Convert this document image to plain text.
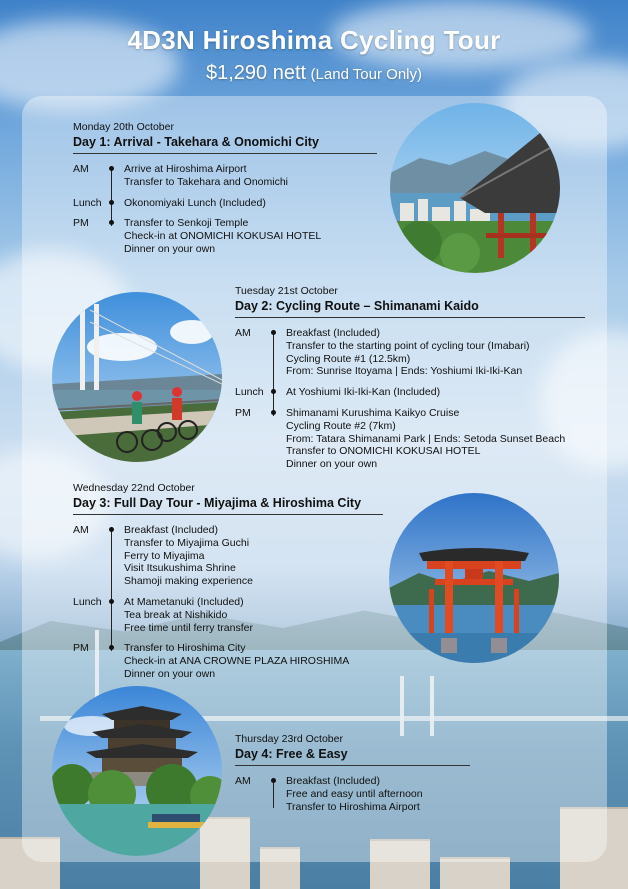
4D3N Hiroshima Cycling Tour
$1,290 nett (Land Tour Only)
Monday 20th October
Day 1: Arrival - Takehara & Onomichi City
AM	Arrive at Hiroshima Airport
Transfer to Takehara and Onomichi
Lunch	Okonomiyaki Lunch (Included)
PM	Transfer to Senkoji Temple
Check-in at ONOMICHI KOKUSAI HOTEL
Dinner on your own
Tuesday 21st October
Day 2: Cycling Route – Shimanami Kaido
AM	Breakfast (Included)
Transfer to the starting point of cycling tour (Imabari)
Cycling Route #1 (12.5km)
From: Sunrise Itoyama | Ends: Yoshiumi Iki-Iki-Kan
Lunch	At Yoshiumi Iki-Iki-Kan (Included)
PM	Shimanami Kurushima Kaikyo Cruise
Cycling Route #2 (7km)
From: Tatara Shimanami Park | Ends: Setoda Sunset Beach
Transfer to ONOMICHI KOKUSAI HOTEL
Dinner on your own
Wednesday 22nd October
Day 3: Full Day Tour - Miyajima & Hiroshima City
AM	Breakfast (Included)
Transfer to Miyajima Guchi
Ferry to Miyajima
Visit Itsukushima Shrine
Shamoji making experience
Lunch	At Mametanuki (Included)
Tea break at Nishikido
Free time until ferry transfer
PM	Transfer to Hiroshima City
Check-in at ANA CROWNE PLAZA HIROSHIMA
Dinner on your own
Thursday 23rd October
Day 4: Free & Easy
AM	Breakfast (Included)
Free and easy until afternoon
Transfer to Hiroshima Airport
